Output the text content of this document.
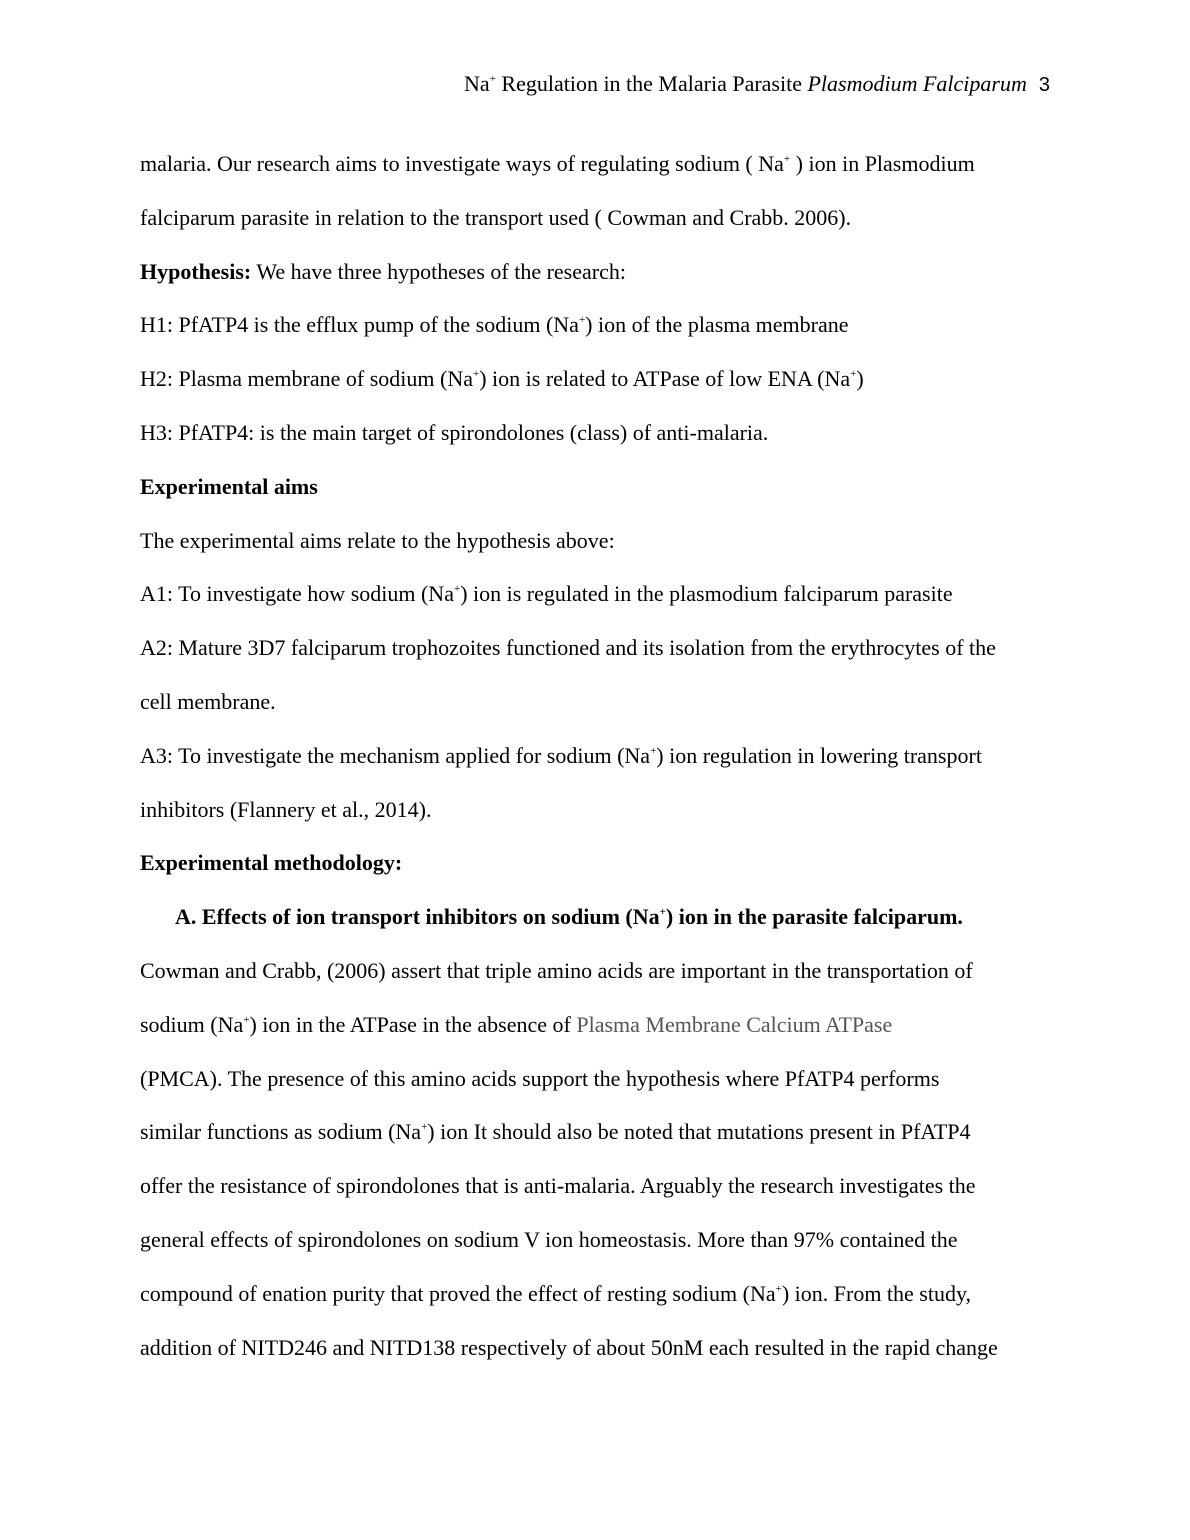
Na+ Regulation in the Malaria Parasite Plasmodium Falciparum 3
malaria. Our research aims to investigate ways of regulating sodium ( Na+ ) ion in Plasmodium
falciparum parasite in relation to the transport used ( Cowman and Crabb. 2006).
Hypothesis: We have three hypotheses of the research:
H1: PfATP4 is the efflux pump of the sodium (Na+) ion of the plasma membrane
H2: Plasma membrane of sodium (Na+) ion is related to ATPase of low ENA (Na+)
H3: PfATP4: is the main target of spirondolones (class) of anti-malaria.
Experimental aims
The experimental aims relate to the hypothesis above:
A1: To investigate how sodium (Na+) ion is regulated in the plasmodium falciparum parasite
A2: Mature 3D7 falciparum trophozoites functioned and its isolation from the erythrocytes of the
cell membrane.
A3: To investigate the mechanism applied for sodium (Na+) ion regulation in lowering transport
inhibitors (Flannery et al., 2014).
Experimental methodology:
A. Effects of ion transport inhibitors on sodium (Na+) ion in the parasite falciparum.
Cowman and Crabb, (2006) assert that triple amino acids are important in the transportation of
sodium (Na+) ion in the ATPase in the absence of Plasma Membrane Calcium ATPase
(PMCA). The presence of this amino acids support the hypothesis where PfATP4 performs
similar functions as sodium (Na+) ion It should also be noted that mutations present in PfATP4
offer the resistance of spirondolones that is anti-malaria. Arguably the research investigates the
general effects of spirondolones on sodium V ion homeostasis. More than 97% contained the
compound of enation purity that proved the effect of resting sodium (Na+) ion. From the study,
addition of NITD246 and NITD138 respectively of about 50nM each resulted in the rapid change
